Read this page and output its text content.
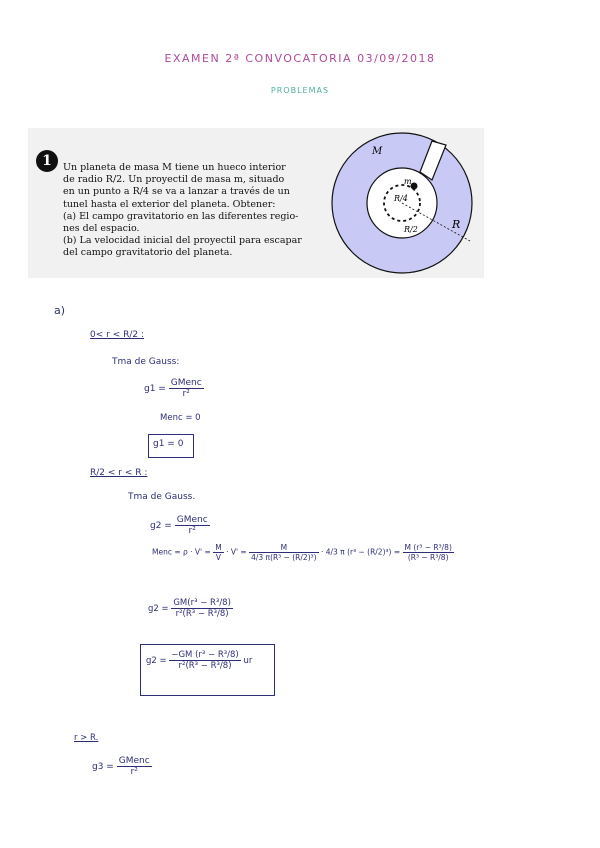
EXAMEN 2ª CONVOCATORIA 03/09/2018
PROBLEMAS
1	Un planeta de masa M tiene un hueco interior
de radio R/2. Un proyectil de masa m, situado
en un punto a R/4 se va a lanzar a través de un
tunel hasta el exterior del planeta. Obtener:
(a) El campo gravitatorio en las diferentes regio-
nes del espacio.
(b) La velocidad inicial del proyectil para escapar
del campo gravitatorio del planeta.
M
m
R/4
R/2	R
a)
0< r < R/2 :
Tma de Gauss:
$g1 = \frac{\text{GMenc}}{\text{r²}}$
Menc = 0
g1 = 0
R/2 < r < R :
Tma de Gauss.
$g2 = \frac{\text{GMenc}}{\text{r²}}$
Menc = $\rho \cdot V' = \frac{M}{V} \cdot V' = \frac{M}{\text{4/3 π(R³ − (R/2)³)}} \cdot 4/3$ π $(r^3 - (R/2)^3) = \frac{\text{M (r³ − R³/8)}}{\text{(R³ − R³/8)}}$
$g2 = \frac{\text{GM(r³ − R³/8)}}{\text{r²(R³ − R³/8)}}$
$g2 = \frac{\text{−GM (r³ − R³/8)}}{\text{r²(R³ − R³/8)}}$ ur
r > R.
$g3 = \frac{\text{GMenc}}{\text{r²}}$
